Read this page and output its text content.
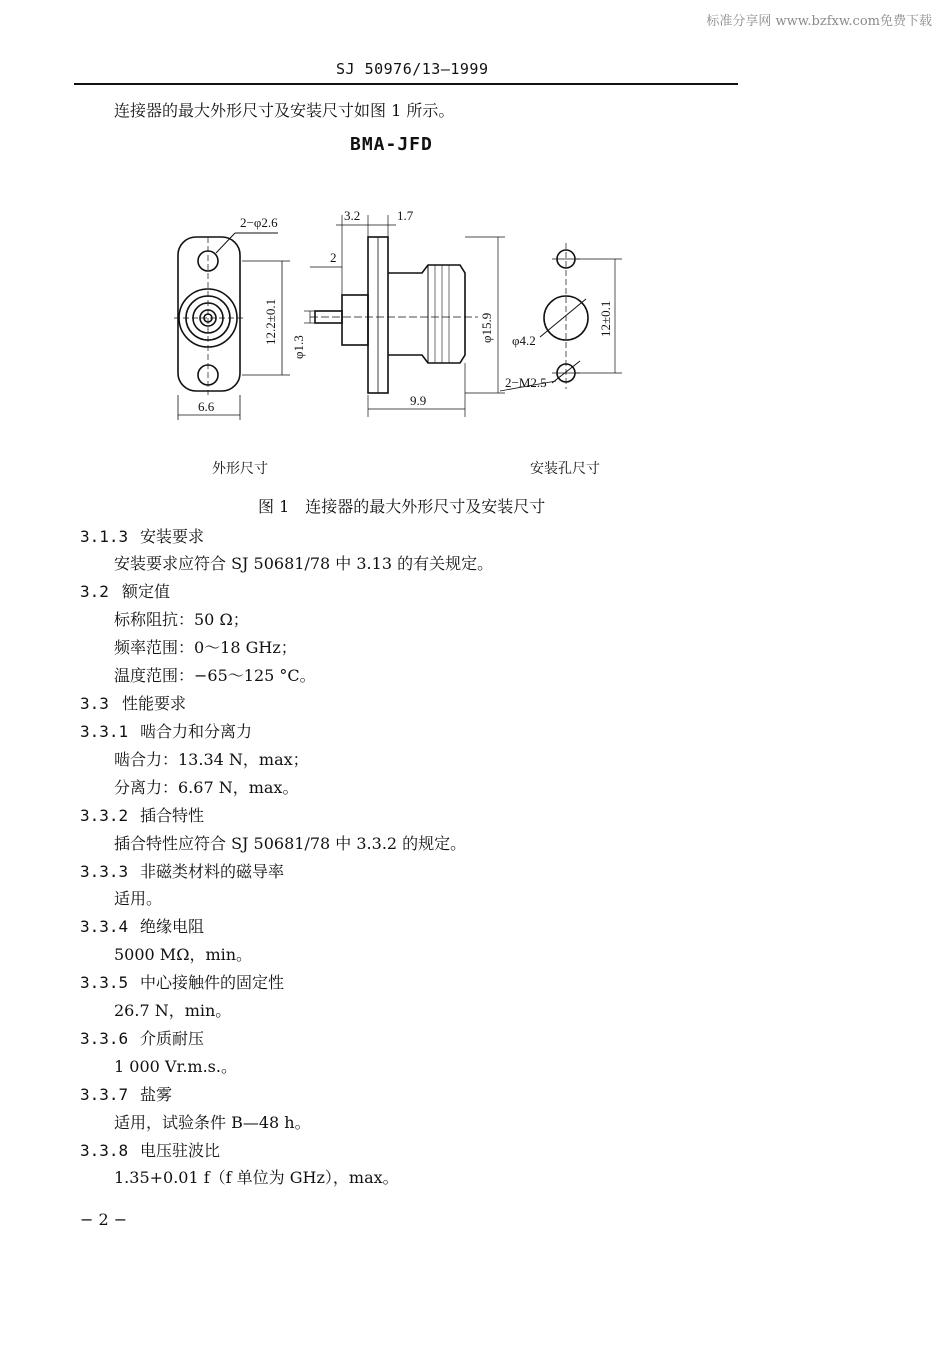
标准分享网 www.bzfxw.com免费下载
SJ 50976/13—1999
连接器的最大外形尺寸及安装尺寸如图 1 所示。
BMA-JFD
2−φ2.6
12.2±0.1
6.6
3.2	1.7
2
φ1.3
φ15.9
9.9
φ4.2
12±0.1
2−M2.5
外形尺寸	安装孔尺寸
图 1　连接器的最大外形尺寸及安装尺寸
3.1.3 安装要求
安装要求应符合 SJ 50681/78 中 3.13 的有关规定。
3.2 额定值
标称阻抗：50 Ω；
频率范围：0～18 GHz；
温度范围：−65～125 °C。
3.3 性能要求
3.3.1 啮合力和分离力
啮合力：13.34 N，max；
分离力：6.67 N，max。
3.3.2 插合特性
插合特性应符合 SJ 50681/78 中 3.3.2 的规定。
3.3.3 非磁类材料的磁导率
适用。
3.3.4 绝缘电阻
5000 MΩ，min。
3.3.5 中心接触件的固定性
26.7 N，min。
3.3.6 介质耐压
1 000 Vr.m.s.。
3.3.7 盐雾
适用，试验条件 B—48 h。
3.3.8 电压驻波比
1.35+0.01 f（f 单位为 GHz），max。
− 2 −
